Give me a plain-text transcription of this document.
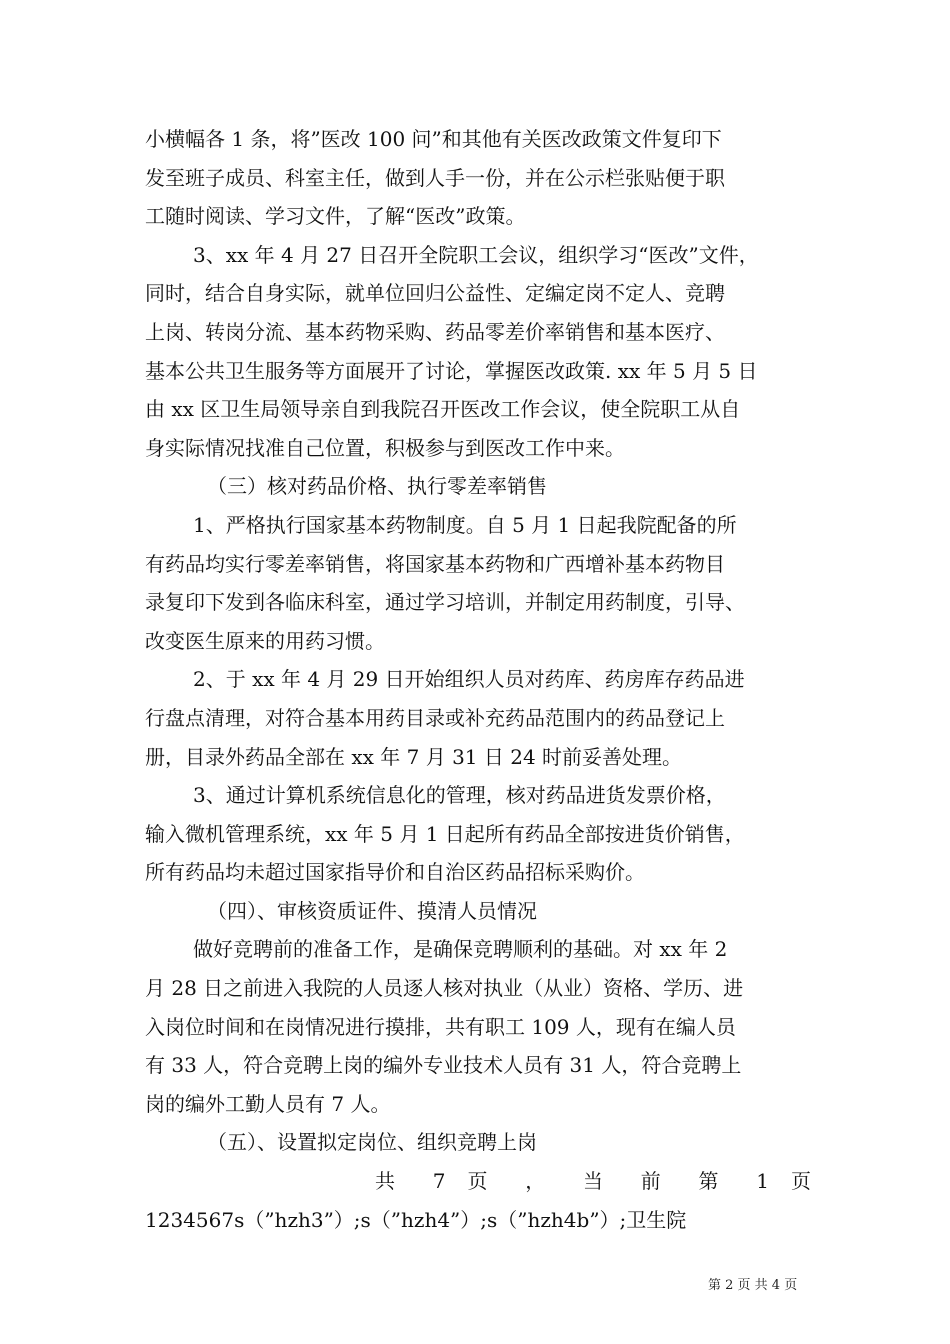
小横幅各 1 条，将”医改 100 问”和其他有关医改政策文件复印下
发至班子成员、科室主任，做到人手一份，并在公示栏张贴便于职
工随时阅读、学习文件，了解“医改”政策。
3、xx 年 4 月 27 日召开全院职工会议，组织学习“医改”文件，
同时，结合自身实际，就单位回归公益性、定编定岗不定人、竞聘
上岗、转岗分流、基本药物采购、药品零差价率销售和基本医疗、
基本公共卫生服务等方面展开了讨论，掌握医改政策. xx 年 5 月 5 日
由 xx 区卫生局领导亲自到我院召开医改工作会议，使全院职工从自
身实际情况找准自己位置，积极参与到医改工作中来。
（三）核对药品价格、执行零差率销售
1、严格执行国家基本药物制度。自 5 月 1 日起我院配备的所
有药品均实行零差率销售，将国家基本药物和广西增补基本药物目
录复印下发到各临床科室，通过学习培训，并制定用药制度，引导、
改变医生原来的用药习惯。
2、于 xx 年 4 月 29 日开始组织人员对药库、药房库存药品进
行盘点清理，对符合基本用药目录或补充药品范围内的药品登记上
册，目录外药品全部在 xx 年 7 月 31 日 24 时前妥善处理。
3、通过计算机系统信息化的管理，核对药品进货发票价格，
输入微机管理系统，xx 年 5 月 1 日起所有药品全部按进货价销售，
所有药品均未超过国家指导价和自治区药品招标采购价。
（四）、审核资质证件、摸清人员情况
做好竞聘前的准备工作，是确保竞聘顺利的基础。对 xx 年 2
月 28 日之前进入我院的人员逐人核对执业（从业）资格、学历、进
入岗位时间和在岗情况进行摸排，共有职工 109 人，现有在编人员
有 33 人，符合竞聘上岗的编外专业技术人员有 31 人，符合竞聘上
岗的编外工勤人员有 7 人。
（五）、设置拟定岗位、组织竞聘上岗
共 7 页 ， 当 前 第 1 页
1234567s（”hzh3”）;s（”hzh4”）;s（”hzh4b”）;卫生院
第 2 页 共 4 页
